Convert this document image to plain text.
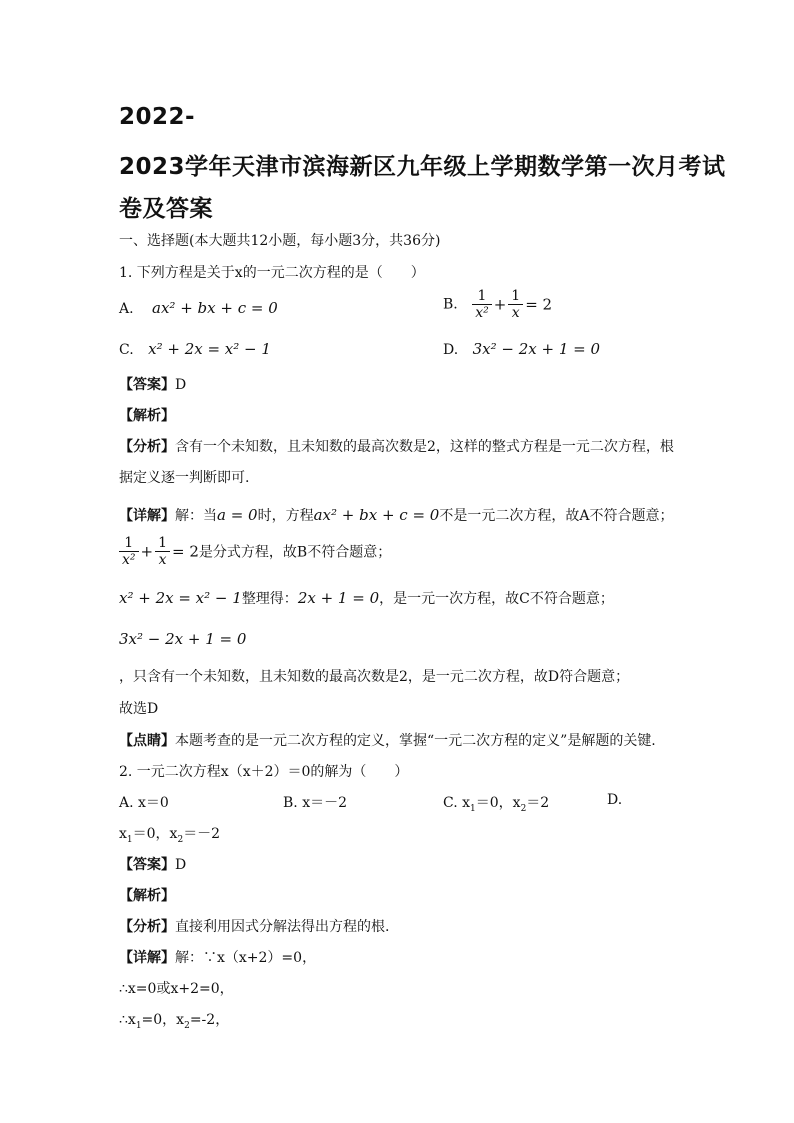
2022-
2023学年天津市滨海新区九年级上学期数学第一次月考试
卷及答案
一、选择题(本大题共12小题，每小题3分，共36分)
1. 下列方程是关于x的一元二次方程的是（　　）
A. ax² + bx + c = 0	B. $\frac{1}{\text{x²}} + \frac{1}{x} = 2$
C. x² + 2x = x² − 1	D. 3x² − 2x + 1 = 0
【答案】D
【解析】
【分析】含有一个未知数，且未知数的最高次数是2，这样的整式方程是一元二次方程，根
据定义逐一判断即可.
【详解】解：当a = 0时，方程ax² + bx + c = 0不是一元二次方程，故A不符合题意；
$\frac{1}{\text{x²}} + \frac{1}{x} = 2$是分式方程，故B不符合题意；
x² + 2x = x² − 1整理得：2x + 1 = 0，是一元一次方程，故C不符合题意；
3x² − 2x + 1 = 0
，只含有一个未知数，且未知数的最高次数是2，是一元二次方程，故D符合题意；
故选D
【点睛】本题考查的是一元二次方程的定义，掌握“一元二次方程的定义”是解题的关键.
2. 一元二次方程x（x＋2）＝0的解为（　　）
A. x＝0	B. x＝－2	C. $x_1=0$，$x_2=2$	D.
$x_1=0$，$x_2=-2$
【答案】D
【解析】
【分析】直接利用因式分解法得出方程的根.
【详解】解：∵x（x+2）=0，
∴x=0或x+2=0，
$\therefore x_1=0$，$x_2=-2$，
